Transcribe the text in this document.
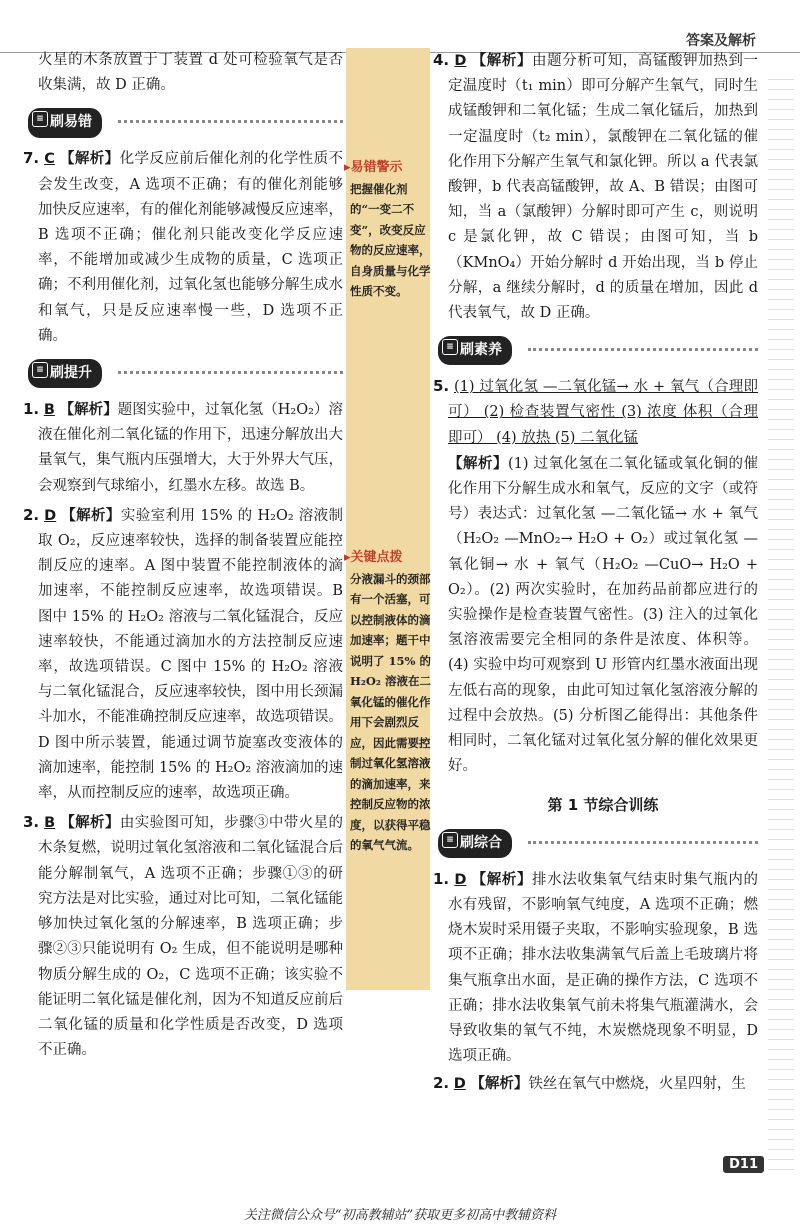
答案及解析

火星的木条放置于丁装置 d 处可检验氧气是否收集满，故 D 正确。

≡ 刷易错

7. C 【解析】化学反应前后催化剂的化学性质不会发生改变，A 选项不正确；有的催化剂能够加快反应速率，有的催化剂能够减慢反应速率，B 选项不正确；催化剂只能改变化学反应速率，不能增加或减少生成物的质量，C 选项正确；不利用催化剂，过氧化氢也能够分解生成水和氧气，只是反应速率慢一些，D 选项不正确。

≡ 刷提升

1. B 【解析】题图实验中，过氧化氢（H₂O₂）溶液在催化剂二氧化锰的作用下，迅速分解放出大量氧气，集气瓶内压强增大，大于外界大气压，会观察到气球缩小，红墨水左移。故选 B。

2. D 【解析】实验室利用 15% 的 H₂O₂ 溶液制取 O₂，反应速率较快，选择的制备装置应能控制反应的速率。A 图中装置不能控制液体的滴加速率，不能控制反应速率，故选项错误。B 图中 15% 的 H₂O₂ 溶液与二氧化锰混合，反应速率较快，不能通过滴加水的方法控制反应速率，故选项错误。C 图中 15% 的 H₂O₂ 溶液与二氧化锰混合，反应速率较快，图中用长颈漏斗加水，不能准确控制反应速率，故选项错误。D 图中所示装置，能通过调节旋塞改变液体的滴加速率，能控制 15% 的 H₂O₂ 溶液滴加的速率，从而控制反应的速率，故选项正确。

3. B 【解析】由实验图可知，步骤③中带火星的木条复燃，说明过氧化氢溶液和二氧化锰混合后能分解制氧气，A 选项不正确；步骤①③的研究方法是对比实验，通过对比可知，二氧化锰能够加快过氧化氢的分解速率，B 选项正确；步骤②③只能说明有 O₂ 生成，但不能说明是哪种物质分解生成的 O₂，C 选项不正确；该实验不能证明二氧化锰是催化剂，因为不知道反应前后二氧化锰的质量和化学性质是否改变，D 选项不正确。

▸易错警示
把握催化剂的“一变二不变”，改变反应物的反应速率，自身质量与化学性质不变。
▸关键点拨
分液漏斗的颈部有一个活塞，可以控制液体的滴加速率；题干中说明了 15% 的 H₂O₂ 溶液在二氧化锰的催化作用下会剧烈反应，因此需要控制过氧化氢溶液的滴加速率，来控制反应物的浓度，以获得平稳的氧气气流。

4. D 【解析】由题分析可知，高锰酸钾加热到一定温度时（t₁ min）即可分解产生氧气，同时生成锰酸钾和二氧化锰；生成二氧化锰后，加热到一定温度时（t₂ min），氯酸钾在二氧化锰的催化作用下分解产生氧气和氯化钾。所以 a 代表氯酸钾，b 代表高锰酸钾，故 A、B 错误；由图可知，当 a（氯酸钾）分解时即可产生 c，则说明 c 是氯化钾，故 C 错误；由图可知，当 b（KMnO₄）开始分解时 d 开始出现，当 b 停止分解，a 继续分解时，d 的质量在增加，因此 d 代表氧气，故 D 正确。

≡ 刷素养

5. (1) 过氧化氢 —二氧化锰→ 水 + 氧气（合理即可） (2) 检查装置气密性 (3) 浓度 体积（合理即可） (4) 放热 (5) 二氧化锰

【解析】(1) 过氧化氢在二氧化锰或氧化铜的催化作用下分解生成水和氧气，反应的文字（或符号）表达式：过氧化氢 —二氧化锰→ 水 + 氧气（H₂O₂ —MnO₂→ H₂O + O₂）或过氧化氢 —氧化铜→ 水 + 氧气（H₂O₂ —CuO→ H₂O + O₂）。(2) 两次实验时，在加药品前都应进行的实验操作是检查装置气密性。(3) 注入的过氧化氢溶液需要完全相同的条件是浓度、体积等。(4) 实验中均可观察到 U 形管内红墨水液面出现左低右高的现象，由此可知过氧化氢溶液分解的过程中会放热。(5) 分析图乙能得出：其他条件相同时，二氧化锰对过氧化氢分解的催化效果更好。

第 1 节综合训练
≡ 刷综合

1. D 【解析】排水法收集氧气结束时集气瓶内的水有残留，不影响氧气纯度，A 选项不正确；燃烧木炭时采用镊子夹取，不影响实验现象，B 选项不正确；排水法收集满氧气后盖上毛玻璃片将集气瓶拿出水面，是正确的操作方法，C 选项不正确；排水法收集氧气前未将集气瓶灌满水，会导致收集的氧气不纯，木炭燃烧现象不明显，D 选项正确。

2. D 【解析】铁丝在氧气中燃烧，火星四射，生

D11
关注微信公众号“初高教辅站”获取更多初高中教辅资料
